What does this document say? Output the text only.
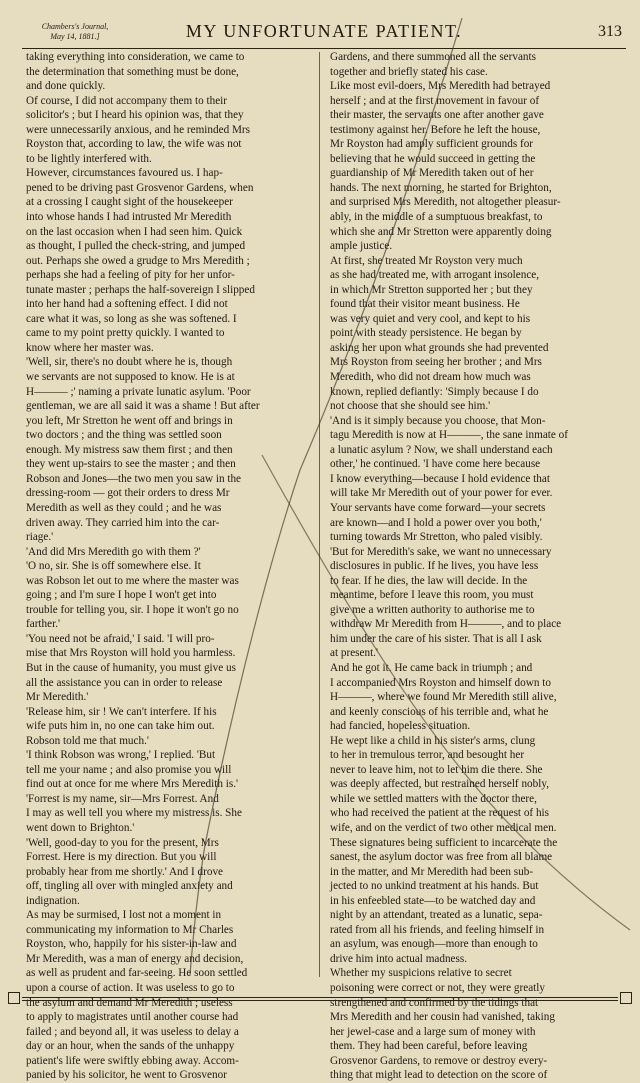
Chambers's Journal,
May 14, 1881.]	MY UNFORTUNATE PATIENT.	313
taking everything into consideration, we came to
the determination that something must be done,
and done quickly.
Of course, I did not accompany them to their
solicitor's ; but I heard his opinion was, that they
were unnecessarily anxious, and he reminded Mrs
Royston that, according to law, the wife was not
to be lightly interfered with.
However, circumstances favoured us. I hap-
pened to be driving past Grosvenor Gardens, when
at a crossing I caught sight of the housekeeper
into whose hands I had intrusted Mr Meredith
on the last occasion when I had seen him. Quick
as thought, I pulled the check-string, and jumped
out. Perhaps she owed a grudge to Mrs Meredith ;
perhaps she had a feeling of pity for her unfor-
tunate master ; perhaps the half-sovereign I slipped
into her hand had a softening effect. I did not
care what it was, so long as she was softened. I
came to my point pretty quickly. I wanted to
know where her master was.
'Well, sir, there's no doubt where he is, though
we servants are not supposed to know. He is at
H——— ;' naming a private lunatic asylum. 'Poor
gentleman, we are all said it was a shame ! But after
you left, Mr Stretton he went off and brings in
two doctors ; and the thing was settled soon
enough. My mistress saw them first ; and then
they went up-stairs to see the master ; and then
Robson and Jones—the two men you saw in the
dressing-room — got their orders to dress Mr
Meredith as well as they could ; and he was
driven away. They carried him into the car-
riage.'
'And did Mrs Meredith go with them ?'
'O no, sir. She is off somewhere else. It
was Robson let out to me where the master was
going ; and I'm sure I hope I won't get into
trouble for telling you, sir. I hope it won't go no
farther.'
'You need not be afraid,' I said. 'I will pro-
mise that Mrs Royston will hold you harmless.
But in the cause of humanity, you must give us
all the assistance you can in order to release
Mr Meredith.'
'Release him, sir ! We can't interfere. If his
wife puts him in, no one can take him out.
Robson told me that much.'
'I think Robson was wrong,' I replied. 'But
tell me your name ; and also promise you will
find out at once for me where Mrs Meredith is.'
'Forrest is my name, sir—Mrs Forrest. And
I may as well tell you where my mistress is. She
went down to Brighton.'
'Well, good-day to you for the present, Mrs
Forrest. Here is my direction. But you will
probably hear from me shortly.' And I drove
off, tingling all over with mingled anxiety and
indignation.
As may be surmised, I lost not a moment in
communicating my information to Mr Charles
Royston, who, happily for his sister-in-law and
Mr Meredith, was a man of energy and decision,
as well as prudent and far-seeing. He soon settled
upon a course of action. It was useless to go to
the asylum and demand Mr Meredith ; useless
to apply to magistrates until another course had
failed ; and beyond all, it was useless to delay a
day or an hour, when the sands of the unhappy
patient's life were swiftly ebbing away. Accom-
panied by his solicitor, he went to Grosvenor
Gardens, and there summoned all the servants
together and briefly stated his case.
Like most evil-doers, Mrs Meredith had betrayed
herself ; and at the first movement in favour of
their master, the servants one after another gave
testimony against her. Before he left the house,
Mr Royston had amply sufficient grounds for
believing that he would succeed in getting the
guardianship of Mr Meredith taken out of her
hands. The next morning, he started for Brighton,
and surprised Mrs Meredith, not altogether pleasur-
ably, in the middle of a sumptuous breakfast, to
which she and Mr Stretton were apparently doing
ample justice.
At first, she treated Mr Royston very much
as she had treated me, with arrogant insolence,
in which Mr Stretton supported her ; but they
found that their visitor meant business. He
was very quiet and very cool, and kept to his
point with steady persistence. He began by
asking her upon what grounds she had prevented
Mrs Royston from seeing her brother ; and Mrs
Meredith, who did not dream how much was
known, replied defiantly: 'Simply because I do
not choose that she should see him.'
'And is it simply because you choose, that Mon-
tagu Meredith is now at H———, the sane inmate of
a lunatic asylum ? Now, we shall understand each
other,' he continued. 'I have come here because
I know everything—because I hold evidence that
will take Mr Meredith out of your power for ever.
Your servants have come forward—your secrets
are known—and I hold a power over you both,'
turning towards Mr Stretton, who paled visibly.
'But for Meredith's sake, we want no unnecessary
disclosures in public. If he lives, you have less
to fear. If he dies, the law will decide. In the
meantime, before I leave this room, you must
give me a written authority to authorise me to
withdraw Mr Meredith from H———, and to place
him under the care of his sister. That is all I ask
at present.'
And he got it. He came back in triumph ; and
I accompanied Mrs Royston and himself down to
H———, where we found Mr Meredith still alive,
and keenly conscious of his terrible and, what he
had fancied, hopeless situation.
He wept like a child in his sister's arms, clung
to her in tremulous terror, and besought her
never to leave him, not to let him die there. She
was deeply affected, but restrained herself nobly,
while we settled matters with the doctor there,
who had received the patient at the request of his
wife, and on the verdict of two other medical men.
These signatures being sufficient to incarcerate the
sanest, the asylum doctor was free from all blame
in the matter, and Mr Meredith had been sub-
jected to no unkind treatment at his hands. But
in his enfeebled state—to be watched day and
night by an attendant, treated as a lunatic, sepa-
rated from all his friends, and feeling himself in
an asylum, was enough—more than enough to
drive him into actual madness.
Whether my suspicions relative to secret
poisoning were correct or not, they were greatly
strengthened and confirmed by the tidings that
Mrs Meredith and her cousin had vanished, taking
her jewel-case and a large sum of money with
them. They had been careful, before leaving
Grosvenor Gardens, to remove or destroy every-
thing that might lead to detection on the score of
